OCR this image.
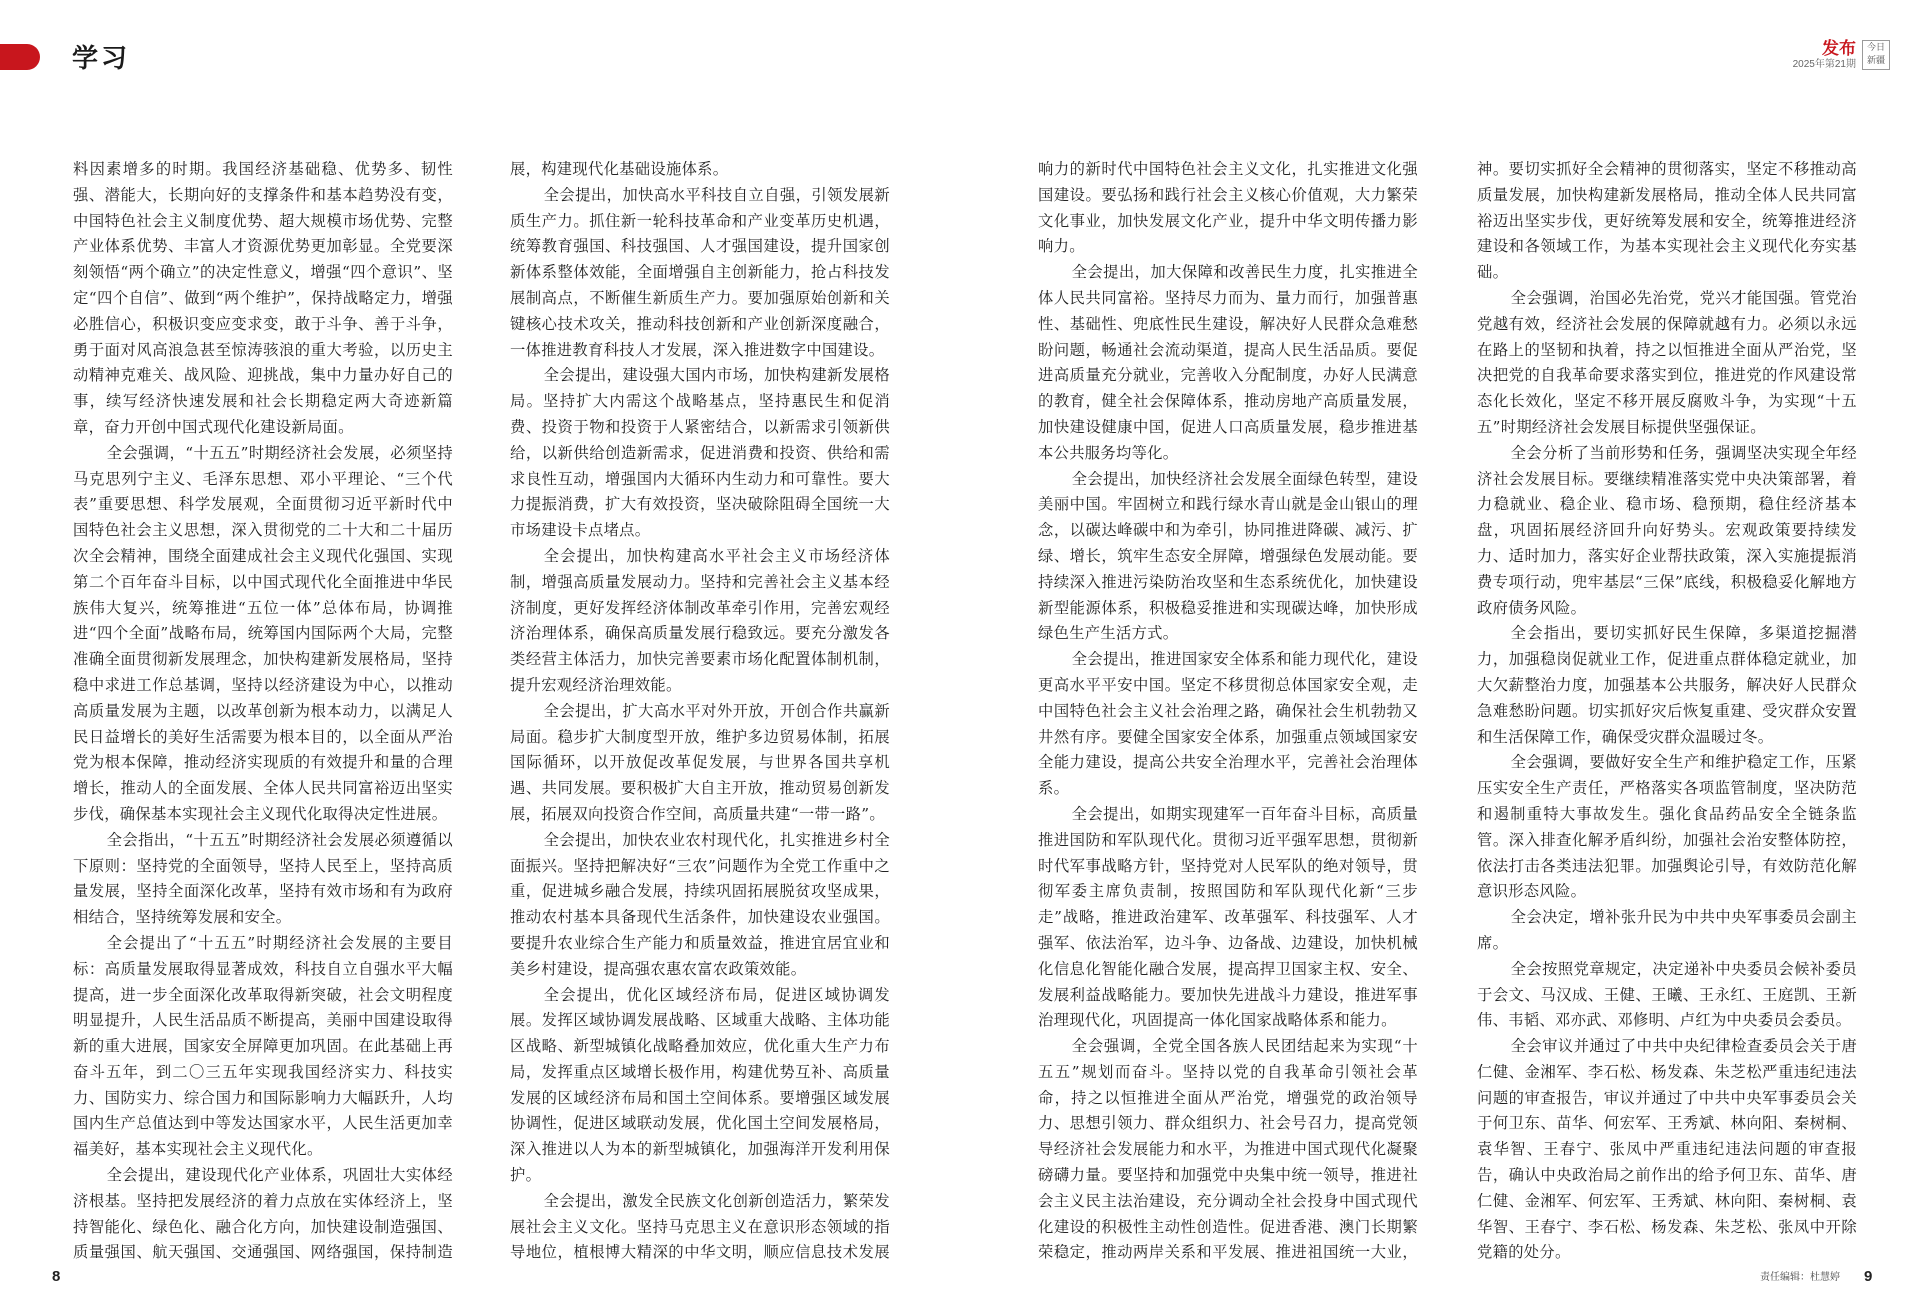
学习	发布
2025年第21期
今日
新疆

料因素增多的时期。我国经济基础稳、优势多、韧性强、潜能大，长期向好的支撑条件和基本趋势没有变，中国特色社会主义制度优势、超大规模市场优势、完整产业体系优势、丰富人才资源优势更加彰显。全党要深刻领悟“两个确立”的决定性意义，增强“四个意识”、坚定“四个自信”、做到“两个维护”，保持战略定力，增强必胜信心，积极识变应变求变，敢于斗争、善于斗争，勇于面对风高浪急甚至惊涛骇浪的重大考验，以历史主动精神克难关、战风险、迎挑战，集中力量办好自己的事，续写经济快速发展和社会长期稳定两大奇迹新篇章，奋力开创中国式现代化建设新局面。

全会强调，“十五五”时期经济社会发展，必须坚持马克思列宁主义、毛泽东思想、邓小平理论、“三个代表”重要思想、科学发展观，全面贯彻习近平新时代中国特色社会主义思想，深入贯彻党的二十大和二十届历次全会精神，围绕全面建成社会主义现代化强国、实现第二个百年奋斗目标，以中国式现代化全面推进中华民族伟大复兴，统筹推进“五位一体”总体布局，协调推进“四个全面”战略布局，统筹国内国际两个大局，完整准确全面贯彻新发展理念，加快构建新发展格局，坚持稳中求进工作总基调，坚持以经济建设为中心，以推动高质量发展为主题，以改革创新为根本动力，以满足人民日益增长的美好生活需要为根本目的，以全面从严治党为根本保障，推动经济实现质的有效提升和量的合理增长，推动人的全面发展、全体人民共同富裕迈出坚实步伐，确保基本实现社会主义现代化取得决定性进展。

全会指出，“十五五”时期经济社会发展必须遵循以下原则：坚持党的全面领导，坚持人民至上，坚持高质量发展，坚持全面深化改革，坚持有效市场和有为政府相结合，坚持统筹发展和安全。

全会提出了“十五五”时期经济社会发展的主要目标：高质量发展取得显著成效，科技自立自强水平大幅提高，进一步全面深化改革取得新突破，社会文明程度明显提升，人民生活品质不断提高，美丽中国建设取得新的重大进展，国家安全屏障更加巩固。在此基础上再奋斗五年，到二〇三五年实现我国经济实力、科技实力、国防实力、综合国力和国际影响力大幅跃升，人均国内生产总值达到中等发达国家水平，人民生活更加幸福美好，基本实现社会主义现代化。

全会提出，建设现代化产业体系，巩固壮大实体经济根基。坚持把发展经济的着力点放在实体经济上，坚持智能化、绿色化、融合化方向，加快建设制造强国、质量强国、航天强国、交通强国、网络强国，保持制造

展，构建现代化基础设施体系。

全会提出，加快高水平科技自立自强，引领发展新质生产力。抓住新一轮科技革命和产业变革历史机遇，统筹教育强国、科技强国、人才强国建设，提升国家创新体系整体效能，全面增强自主创新能力，抢占科技发展制高点，不断催生新质生产力。要加强原始创新和关键核心技术攻关，推动科技创新和产业创新深度融合，一体推进教育科技人才发展，深入推进数字中国建设。

全会提出，建设强大国内市场，加快构建新发展格局。坚持扩大内需这个战略基点，坚持惠民生和促消费、投资于物和投资于人紧密结合，以新需求引领新供给，以新供给创造新需求，促进消费和投资、供给和需求良性互动，增强国内大循环内生动力和可靠性。要大力提振消费，扩大有效投资，坚决破除阻碍全国统一大市场建设卡点堵点。

全会提出，加快构建高水平社会主义市场经济体制，增强高质量发展动力。坚持和完善社会主义基本经济制度，更好发挥经济体制改革牵引作用，完善宏观经济治理体系，确保高质量发展行稳致远。要充分激发各类经营主体活力，加快完善要素市场化配置体制机制，提升宏观经济治理效能。

全会提出，扩大高水平对外开放，开创合作共赢新局面。稳步扩大制度型开放，维护多边贸易体制，拓展国际循环，以开放促改革促发展，与世界各国共享机遇、共同发展。要积极扩大自主开放，推动贸易创新发展，拓展双向投资合作空间，高质量共建“一带一路”。

全会提出，加快农业农村现代化，扎实推进乡村全面振兴。坚持把解决好“三农”问题作为全党工作重中之重，促进城乡融合发展，持续巩固拓展脱贫攻坚成果，推动农村基本具备现代生活条件，加快建设农业强国。要提升农业综合生产能力和质量效益，推进宜居宜业和美乡村建设，提高强农惠农富农政策效能。

全会提出，优化区域经济布局，促进区域协调发展。发挥区域协调发展战略、区域重大战略、主体功能区战略、新型城镇化战略叠加效应，优化重大生产力布局，发挥重点区域增长极作用，构建优势互补、高质量发展的区域经济布局和国土空间体系。要增强区域发展协调性，促进区域联动发展，优化国土空间发展格局，深入推进以人为本的新型城镇化，加强海洋开发利用保护。

全会提出，激发全民族文化创新创造活力，繁荣发展社会主义文化。坚持马克思主义在意识形态领域的指导地位，植根博大精深的中华文明，顺应信息技术发展

响力的新时代中国特色社会主义文化，扎实推进文化强国建设。要弘扬和践行社会主义核心价值观，大力繁荣文化事业，加快发展文化产业，提升中华文明传播力影响力。

全会提出，加大保障和改善民生力度，扎实推进全体人民共同富裕。坚持尽力而为、量力而行，加强普惠性、基础性、兜底性民生建设，解决好人民群众急难愁盼问题，畅通社会流动渠道，提高人民生活品质。要促进高质量充分就业，完善收入分配制度，办好人民满意的教育，健全社会保障体系，推动房地产高质量发展，加快建设健康中国，促进人口高质量发展，稳步推进基本公共服务均等化。

全会提出，加快经济社会发展全面绿色转型，建设美丽中国。牢固树立和践行绿水青山就是金山银山的理念，以碳达峰碳中和为牵引，协同推进降碳、减污、扩绿、增长，筑牢生态安全屏障，增强绿色发展动能。要持续深入推进污染防治攻坚和生态系统优化，加快建设新型能源体系，积极稳妥推进和实现碳达峰，加快形成绿色生产生活方式。

全会提出，推进国家安全体系和能力现代化，建设更高水平平安中国。坚定不移贯彻总体国家安全观，走中国特色社会主义社会治理之路，确保社会生机勃勃又井然有序。要健全国家安全体系，加强重点领域国家安全能力建设，提高公共安全治理水平，完善社会治理体系。

全会提出，如期实现建军一百年奋斗目标，高质量推进国防和军队现代化。贯彻习近平强军思想，贯彻新时代军事战略方针，坚持党对人民军队的绝对领导，贯彻军委主席负责制，按照国防和军队现代化新“三步走”战略，推进政治建军、改革强军、科技强军、人才强军、依法治军，边斗争、边备战、边建设，加快机械化信息化智能化融合发展，提高捍卫国家主权、安全、发展利益战略能力。要加快先进战斗力建设，推进军事治理现代化，巩固提高一体化国家战略体系和能力。

全会强调，全党全国各族人民团结起来为实现“十五五”规划而奋斗。坚持以党的自我革命引领社会革命，持之以恒推进全面从严治党，增强党的政治领导力、思想引领力、群众组织力、社会号召力，提高党领导经济社会发展能力和水平，为推进中国式现代化凝聚磅礴力量。要坚持和加强党中央集中统一领导，推进社会主义民主法治建设，充分调动全社会投身中国式现代化建设的积极性主动性创造性。促进香港、澳门长期繁荣稳定，推动两岸关系和平发展、推进祖国统一大业，

神。要切实抓好全会精神的贯彻落实，坚定不移推动高质量发展，加快构建新发展格局，推动全体人民共同富裕迈出坚实步伐，更好统筹发展和安全，统筹推进经济建设和各领域工作，为基本实现社会主义现代化夯实基础。

全会强调，治国必先治党，党兴才能国强。管党治党越有效，经济社会发展的保障就越有力。必须以永远在路上的坚韧和执着，持之以恒推进全面从严治党，坚决把党的自我革命要求落实到位，推进党的作风建设常态化长效化，坚定不移开展反腐败斗争，为实现“十五五”时期经济社会发展目标提供坚强保证。

全会分析了当前形势和任务，强调坚决实现全年经济社会发展目标。要继续精准落实党中央决策部署，着力稳就业、稳企业、稳市场、稳预期，稳住经济基本盘，巩固拓展经济回升向好势头。宏观政策要持续发力、适时加力，落实好企业帮扶政策，深入实施提振消费专项行动，兜牢基层“三保”底线，积极稳妥化解地方政府债务风险。

全会指出，要切实抓好民生保障，多渠道挖掘潜力，加强稳岗促就业工作，促进重点群体稳定就业，加大欠薪整治力度，加强基本公共服务，解决好人民群众急难愁盼问题。切实抓好灾后恢复重建、受灾群众安置和生活保障工作，确保受灾群众温暖过冬。

全会强调，要做好安全生产和维护稳定工作，压紧压实安全生产责任，严格落实各项监管制度，坚决防范和遏制重特大事故发生。强化食品药品安全全链条监管。深入排查化解矛盾纠纷，加强社会治安整体防控，依法打击各类违法犯罪。加强舆论引导，有效防范化解意识形态风险。

全会决定，增补张升民为中共中央军事委员会副主席。

全会按照党章规定，决定递补中央委员会候补委员于会文、马汉成、王健、王曦、王永红、王庭凯、王新伟、韦韬、邓亦武、邓修明、卢红为中央委员会委员。

全会审议并通过了中共中央纪律检查委员会关于唐仁健、金湘军、李石松、杨发森、朱芝松严重违纪违法问题的审查报告，审议并通过了中共中央军事委员会关于何卫东、苗华、何宏军、王秀斌、林向阳、秦树桐、袁华智、王春宁、张凤中严重违纪违法问题的审查报告，确认中央政治局之前作出的给予何卫东、苗华、唐仁健、金湘军、何宏军、王秀斌、林向阳、秦树桐、袁华智、王春宁、李石松、杨发森、朱芝松、张凤中开除党籍的处分。

8	责任编辑：杜慧婷 9
